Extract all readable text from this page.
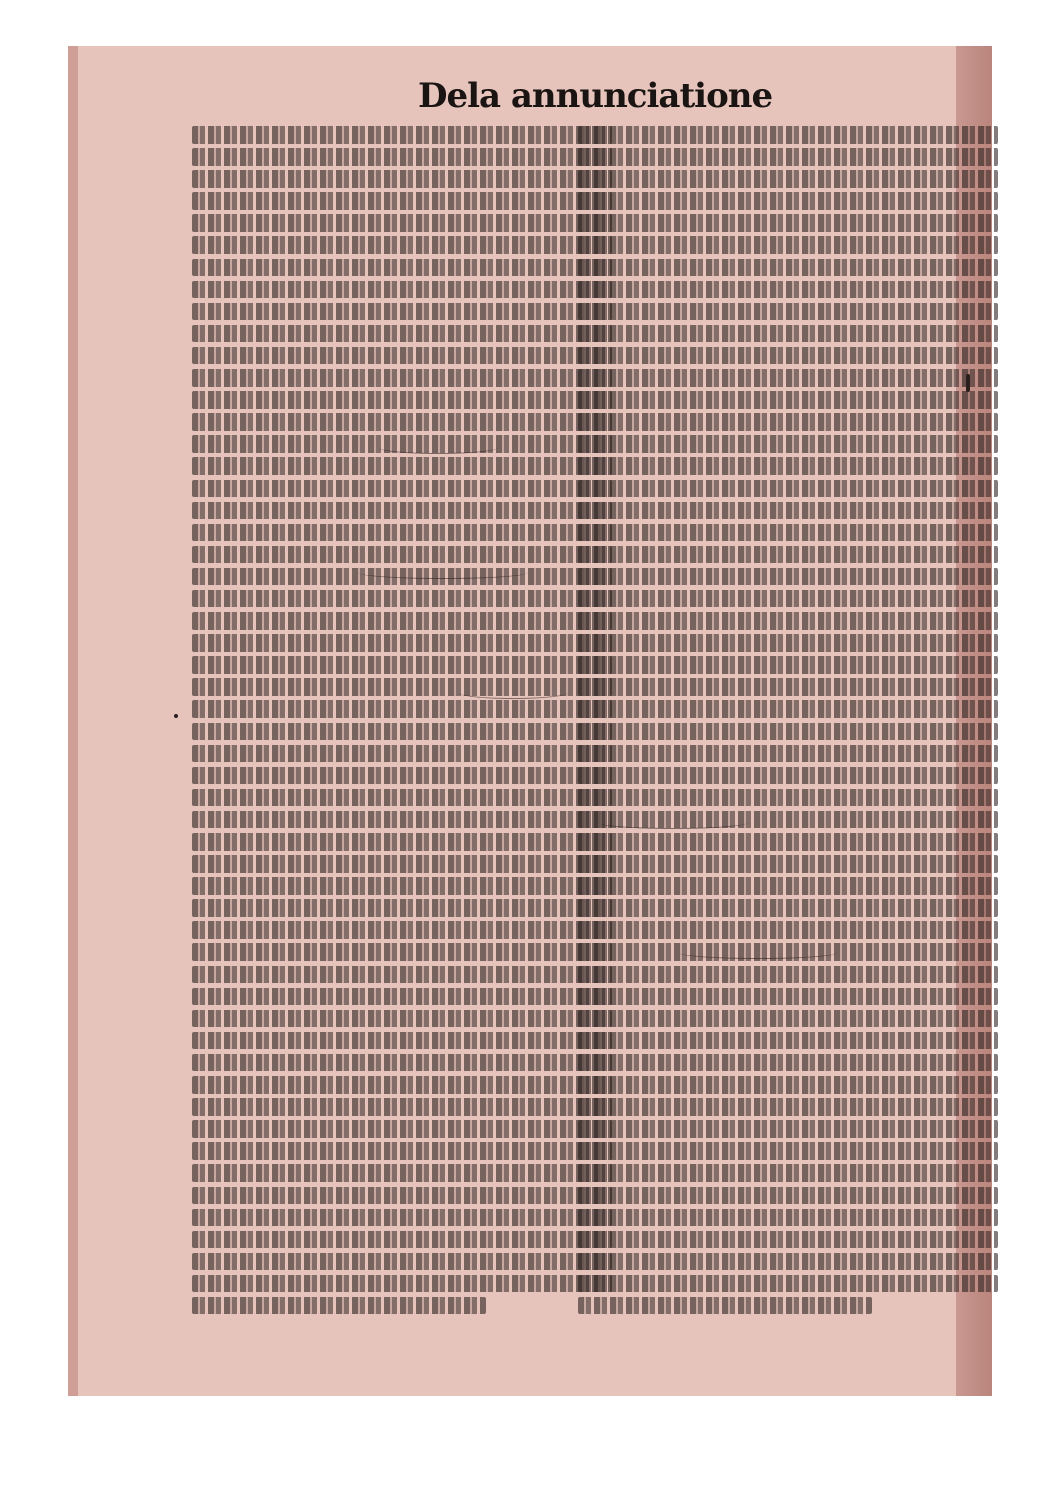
Dela annunciatione
